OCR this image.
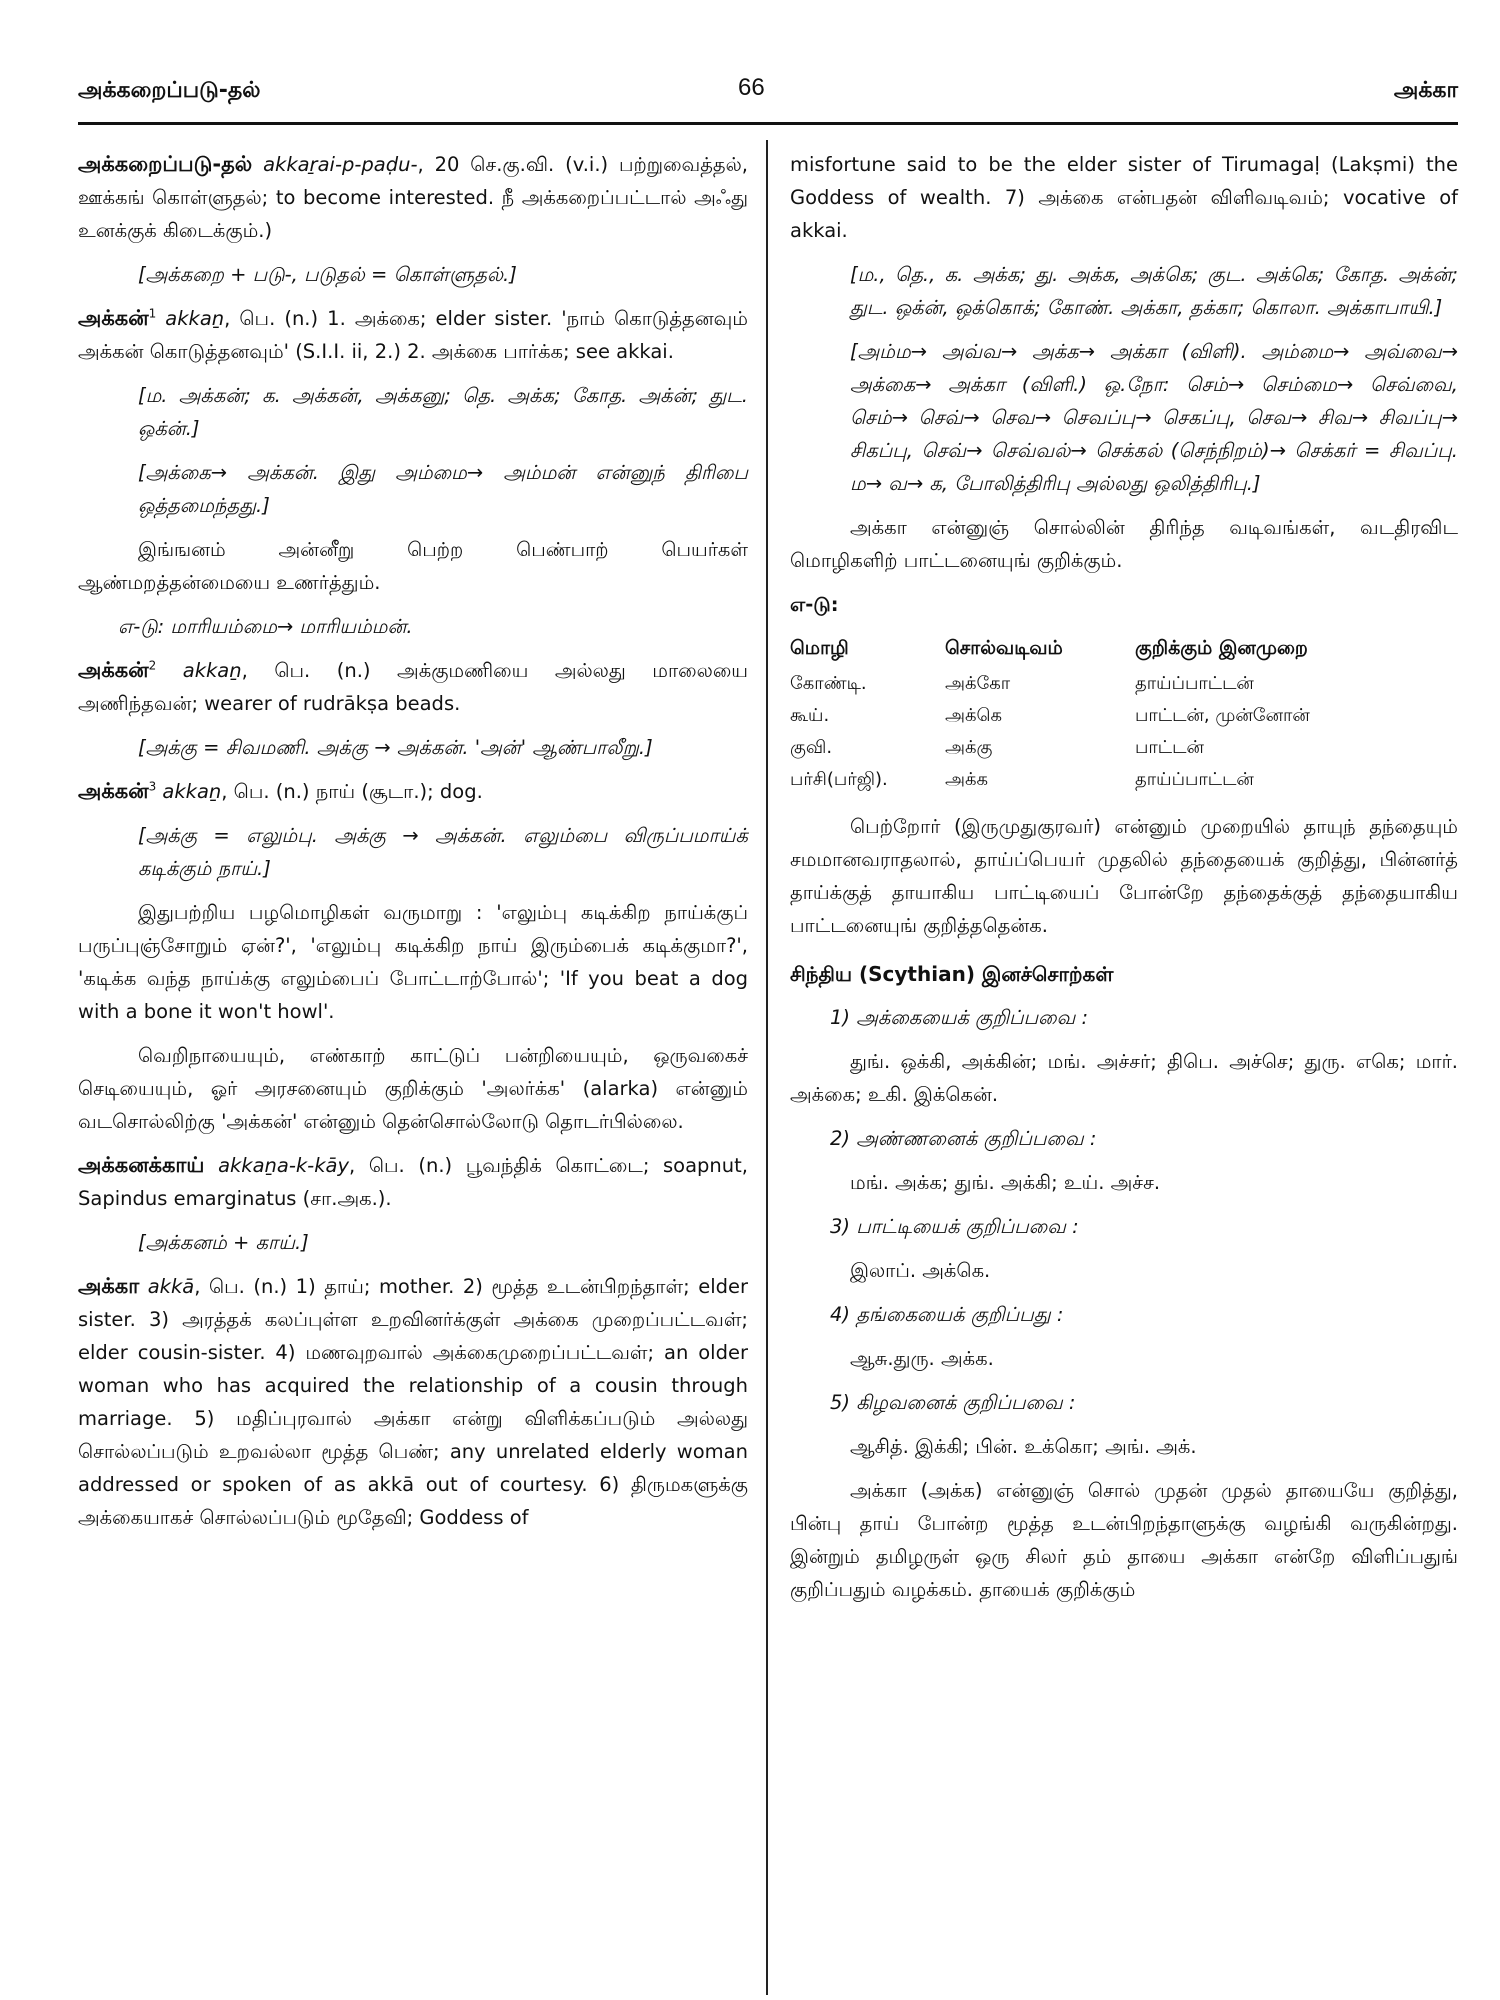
அக்கறைப்படு-தல்	66	அக்கா

அக்கறைப்படு-தல் akkaṟai-p-paḍu-, 20 செ.கு.வி. (v.i.) பற்றுவைத்தல், ஊக்கங் கொள்ளுதல்; to become interested. நீ அக்கறைப்பட்டால் அஃது உனக்குக் கிடைக்கும்.)

[அக்கறை + படு-, படுதல் = கொள்ளுதல்.]

அக்கன்$^1$ akkaṉ, பெ. (n.) 1. அக்கை; elder sister. 'நாம் கொடுத்தனவும் அக்கன் கொடுத்தனவும்' (S.I.I. ii, 2.) 2. அக்கை பார்க்க; see akkai.

[ம. அக்கன்; க. அக்கன், அக்கனு; தெ. அக்க; கோத. அக்ன்; துட. ஒக்ன்.]

[அக்கை→ அக்கன். இது அம்மை→ அம்மன் என்னுந் திரிபை ஒத்தமைந்தது.]

இங்ஙனம் அன்னீறு பெற்ற பெண்பாற் பெயர்கள் ஆண்மறத்தன்மையை உணர்த்தும்.

எ-டு: மாரியம்மை→ மாரியம்மன்.

அக்கன்$^2$ akkaṉ, பெ. (n.) அக்குமணியை அல்லது மாலையை அணிந்தவன்; wearer of rudrākṣa beads.

[அக்கு = சிவமணி. அக்கு → அக்கன். 'அன்' ஆண்பாலீறு.]

அக்கன்$^3$ akkaṉ, பெ. (n.) நாய் (சூடா.); dog.

[அக்கு = எலும்பு. அக்கு → அக்கன். எலும்பை விருப்பமாய்க் கடிக்கும் நாய்.]

இதுபற்றிய பழமொழிகள் வருமாறு : 'எலும்பு கடிக்கிற நாய்க்குப் பருப்புஞ்சோறும் ஏன்?', 'எலும்பு கடிக்கிற நாய் இரும்பைக் கடிக்குமா?', 'கடிக்க வந்த நாய்க்கு எலும்பைப் போட்டாற்போல்'; 'If you beat a dog with a bone it won't howl'.

வெறிநாயையும், எண்காற் காட்டுப் பன்றியையும், ஒருவகைச் செடியையும், ஓர் அரசனையும் குறிக்கும் 'அலர்க்க' (alarka) என்னும் வடசொல்லிற்கு 'அக்கன்' என்னும் தென்சொல்லோடு தொடர்பில்லை.

அக்கனக்காய் akkaṉa-k-kāy, பெ. (n.) பூவந்திக் கொட்டை; soapnut, Sapindus emarginatus (சா.அக.).

[அக்கனம் + காய்.]

அக்கா akkā, பெ. (n.) 1) தாய்; mother. 2) மூத்த உடன்பிறந்தாள்; elder sister. 3) அரத்தக் கலப்புள்ள உறவினர்க்குள் அக்கை முறைப்பட்டவள்; elder cousin-sister. 4) மணவுறவால் அக்கைமுறைப்பட்டவள்; an older woman who has acquired the relationship of a cousin through marriage. 5) மதிப்புரவால் அக்கா என்று விளிக்கப்படும் அல்லது சொல்லப்படும் உறவல்லா மூத்த பெண்; any unrelated elderly woman addressed or spoken of as akkā out of courtesy. 6) திருமகளுக்கு அக்கையாகச் சொல்லப்படும் மூதேவி; Goddess of

misfortune said to be the elder sister of Tirumagaḷ (Lakṣmi) the Goddess of wealth. 7) அக்கை என்பதன் விளிவடிவம்; vocative of akkai.

[ம., தெ., க. அக்க; து. அக்க, அக்கெ; குட. அக்கெ; கோத. அக்ன்; துட. ஒக்ன், ஒக்கொக்; கோண். அக்கா, தக்கா; கொலா. அக்காபாயி.]

[அம்ம→ அவ்வ→ அக்க→ அக்கா (விளி). அம்மை→ அவ்வை→ அக்கை→ அக்கா (விளி.) ஒ.நோ: செம்→ செம்மை→ செவ்வை, செம்→ செவ்→ செவ→ செவப்பு→ செகப்பு, செவ→ சிவ→ சிவப்பு→ சிகப்பு, செவ்→ செவ்வல்→ செக்கல் (செந்நிறம்)→ செக்கர் = சிவப்பு. ம→ வ→ க, போலித்திரிபு அல்லது ஒலித்திரிபு.]

அக்கா என்னுஞ் சொல்லின் திரிந்த வடிவங்கள், வடதிரவிட மொழிகளிற் பாட்டனையுங் குறிக்கும்.

எ-டு:

மொழி	சொல்வடிவம்	குறிக்கும் இனமுறை
கோண்டி.	அக்கோ	தாய்ப்பாட்டன்
கூய்.	அக்கெ	பாட்டன், முன்னோன்
குவி.	அக்கு	பாட்டன்
பர்சி(பர்ஜி).	அக்க	தாய்ப்பாட்டன்

பெற்றோர் (இருமுதுகுரவர்) என்னும் முறையில் தாயுந் தந்தையும் சமமானவராதலால், தாய்ப்பெயர் முதலில் தந்தையைக் குறித்து, பின்னர்த் தாய்க்குத் தாயாகிய பாட்டியைப் போன்றே தந்தைக்குத் தந்தையாகிய பாட்டனையுங் குறித்ததென்க.

சிந்திய (Scythian) இனச்சொற்கள்

1) அக்கையைக் குறிப்பவை :

துங். ஒக்கி, அக்கின்; மங். அச்சர்; திபெ. அச்செ; துரு. எகெ; மார். அக்கை; உகி. இக்கென்.

2) அண்ணனைக் குறிப்பவை :

மங். அக்க; துங். அக்கி; உய். அச்ச.

3) பாட்டியைக் குறிப்பவை :

இலாப். அக்கெ.

4) தங்கையைக் குறிப்பது :

ஆசு.துரு. அக்க.

5) கிழவனைக் குறிப்பவை :

ஆசித். இக்கி; பின். உக்கொ; அங். அக்.

அக்கா (அக்க) என்னுஞ் சொல் முதன் முதல் தாயையே குறித்து, பின்பு தாய் போன்ற மூத்த உடன்பிறந்தாளுக்கு வழங்கி வருகின்றது. இன்றும் தமிழருள் ஒரு சிலர் தம் தாயை அக்கா என்றே விளிப்பதுங் குறிப்பதும் வழக்கம். தாயைக் குறிக்கும்
